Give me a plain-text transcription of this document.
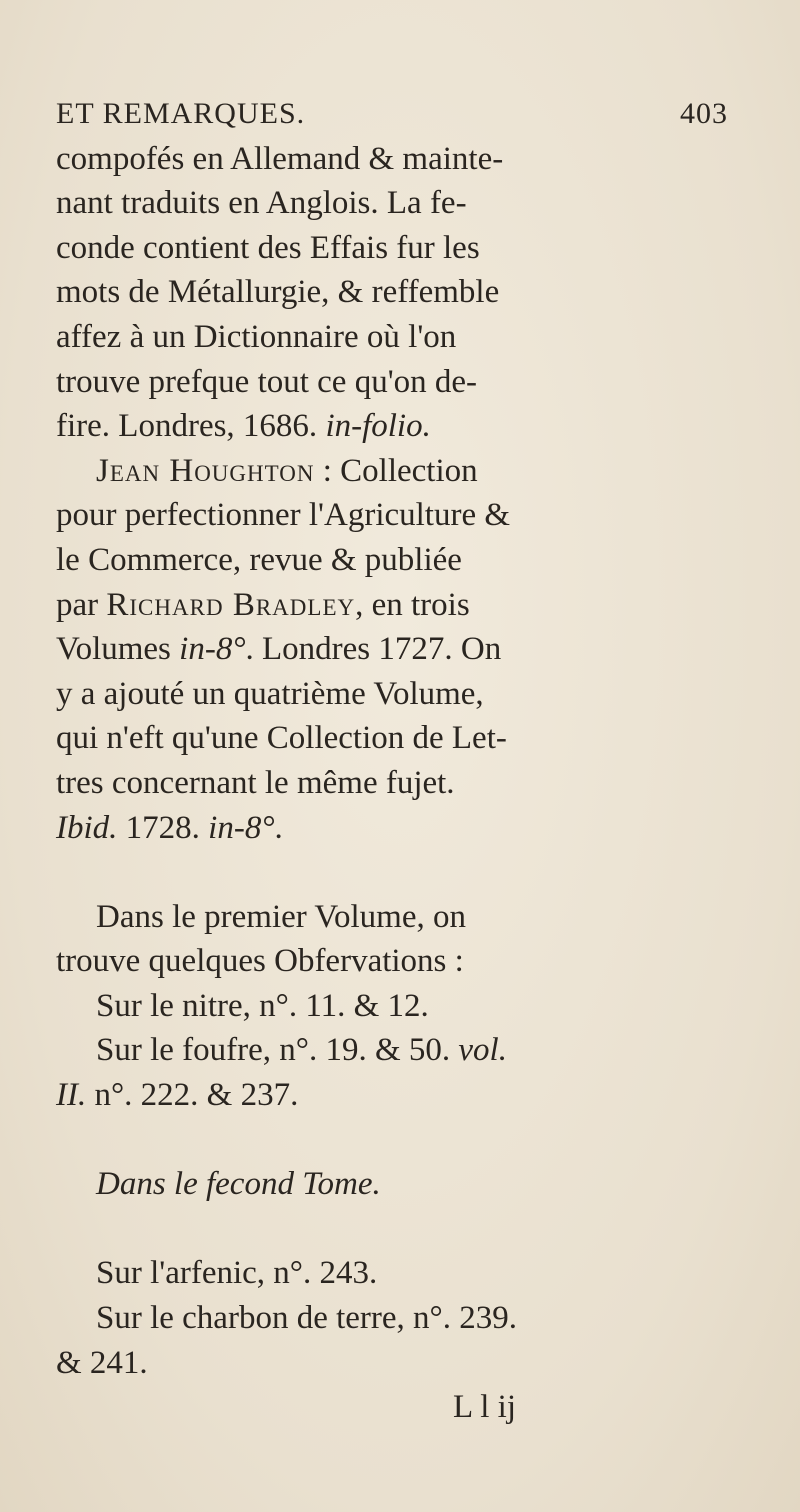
ET REMARQUES.	403
compofés en Allemand & mainte-
nant traduits en Anglois. La fe-
conde contient des Effais fur les
mots de Métallurgie, & reffemble
affez à un Dictionnaire où l'on
trouve prefque tout ce qu'on de-
fire. Londres, 1686. in-folio.
Jean Houghton : Collection
pour perfectionner l'Agriculture &
le Commerce, revue & publiée
par Richard Bradley, en trois
Volumes in-8°. Londres 1727. On
y a ajouté un quatrième Volume,
qui n'eft qu'une Collection de Let-
tres concernant le même fujet.
Ibid. 1728. in-8°.
Dans le premier Volume, on
trouve quelques Obfervations :
Sur le nitre, n°. 11. & 12.
Sur le foufre, n°. 19. & 50. vol.
II. n°. 222. & 237.
Dans le fecond Tome.
Sur l'arfenic, n°. 243.
Sur le charbon de terre, n°. 239.
& 241.
L l ij
